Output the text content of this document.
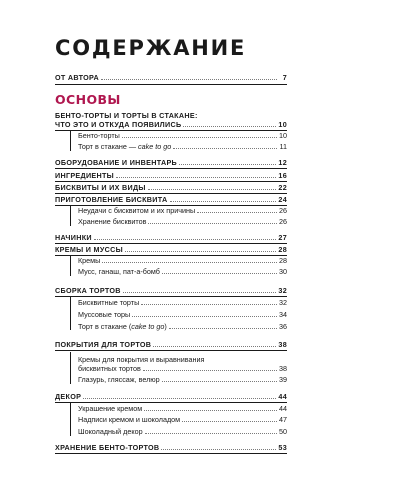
СОДЕРЖАНИЕ
ОТ АВТОРА	7
ОСНОВЫ
БЕНТО-ТОРТЫ И ТОРТЫ В СТАКАНЕ:
ЧТО ЭТО И ОТКУДА ПОЯВИЛИСЬ	10
Бенто-торты	10
Торт в стакане — cake to go	11
ОБОРУДОВАНИЕ И ИНВЕНТАРЬ	12
ИНГРЕДИЕНТЫ	16
БИСКВИТЫ И ИХ ВИДЫ	22
ПРИГОТОВЛЕНИЕ БИСКВИТА	24
Неудачи с бисквитом и их причины	26
Хранение бисквитов	26
НАЧИНКИ	27
КРЕМЫ И МУССЫ	28
Кремы	28
Мусс, ганаш, пат-а-бомб	30
СБОРКА ТОРТОВ	32
Бисквитные торты	32
Муссовые торы	34
Торт в стакане (cake to go)	36
ПОКРЫТИЯ ДЛЯ ТОРТОВ	38
Кремы для покрытия и выравнивания
бисквитных тортов	38
Глазурь, гляссаж, велюр	39
ДЕКОР	44
Украшение кремом	44
Надписи кремом и шоколадом	47
Шоколадный декор	50
ХРАНЕНИЕ БЕНТО-ТОРТОВ	53
